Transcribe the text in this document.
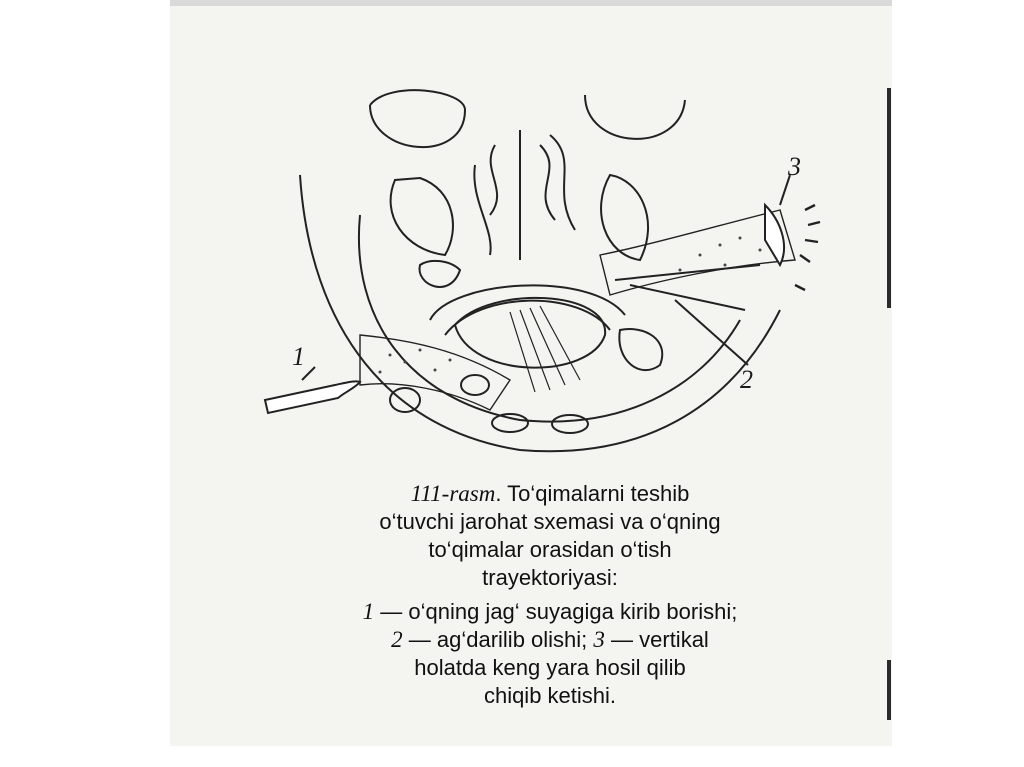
1
2
3

111-rasm. To‘qimalarni teshib

o‘tuvchi jarohat sxemasi va o‘qning

to‘qimalar orasidan o‘tish

trayektoriyasi:

1 — o‘qning jag‘ suyagiga kirib borishi;

2 — ag‘darilib olishi; 3 — vertikal

holatda keng yara hosil qilib

chiqib ketishi.
